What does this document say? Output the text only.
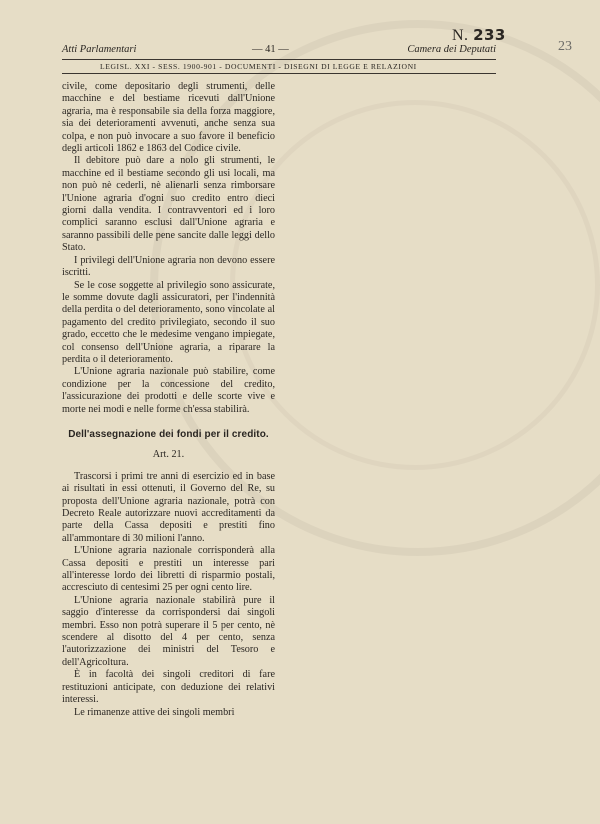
N. 233
23
Atti Parlamentari	— 41 —	Camera dei Deputati
LEGISL. XXI - SESS. 1900-901 - DOCUMENTI - DISEGNI DI LEGGE E RELAZIONI

civile, come depositario degli strumenti, delle macchine e del bestiame ricevuti dall'Unione agraria, ma è responsabile sia della forza maggiore, sia dei deterioramenti avvenuti, anche senza sua colpa, e non può invocare a suo favore il beneficio degli articoli 1862 e 1863 del Codice civile.

Il debitore può dare a nolo gli strumenti, le macchine ed il bestiame secondo gli usi locali, ma non può nè cederli, nè alienarli senza rimborsare l'Unione agraria d'ogni suo credito entro dieci giorni dalla vendita. I contravventori ed i loro complici saranno esclusi dall'Unione agraria e saranno passibili delle pene sancite dalle leggi dello Stato.

I privilegi dell'Unione agraria non devono essere iscritti.

Se le cose soggette al privilegio sono assicurate, le somme dovute dagli assicuratori, per l'indennità della perdita o del deterioramento, sono vincolate al pagamento del credito privilegiato, secondo il suo grado, eccetto che le medesime vengano impiegate, col consenso dell'Unione agraria, a riparare la perdita o il deterioramento.

L'Unione agraria nazionale può stabilire, come condizione per la concessione del credito, l'assicurazione dei prodotti e delle scorte vive e morte nei modi e nelle forme ch'essa stabilirà.

Dell'assegnazione dei fondi per il credito.

Art. 21.

Trascorsi i primi tre anni di esercizio ed in base ai risultati in essi ottenuti, il Governo del Re, su proposta dell'Unione agraria nazionale, potrà con Decreto Reale autorizzare nuovi accreditamenti da parte della Cassa depositi e prestiti fino all'ammontare di 30 milioni l'anno.

L'Unione agraria nazionale corrisponderà alla Cassa depositi e prestiti un interesse pari all'interesse lordo dei libretti di risparmio postali, accresciuto di centesimi 25 per ogni cento lire.

L'Unione agraria nazionale stabilirà pure il saggio d'interesse da corrispondersi dai singoli membri. Esso non potrà superare il 5 per cento, nè scendere al disotto del 4 per cento, senza l'autorizzazione dei ministri del Tesoro e dell'Agricoltura.

È in facoltà dei singoli creditori di fare restituzioni anticipate, con deduzione dei relativi interessi.

Le rimanenze attive dei singoli membri
